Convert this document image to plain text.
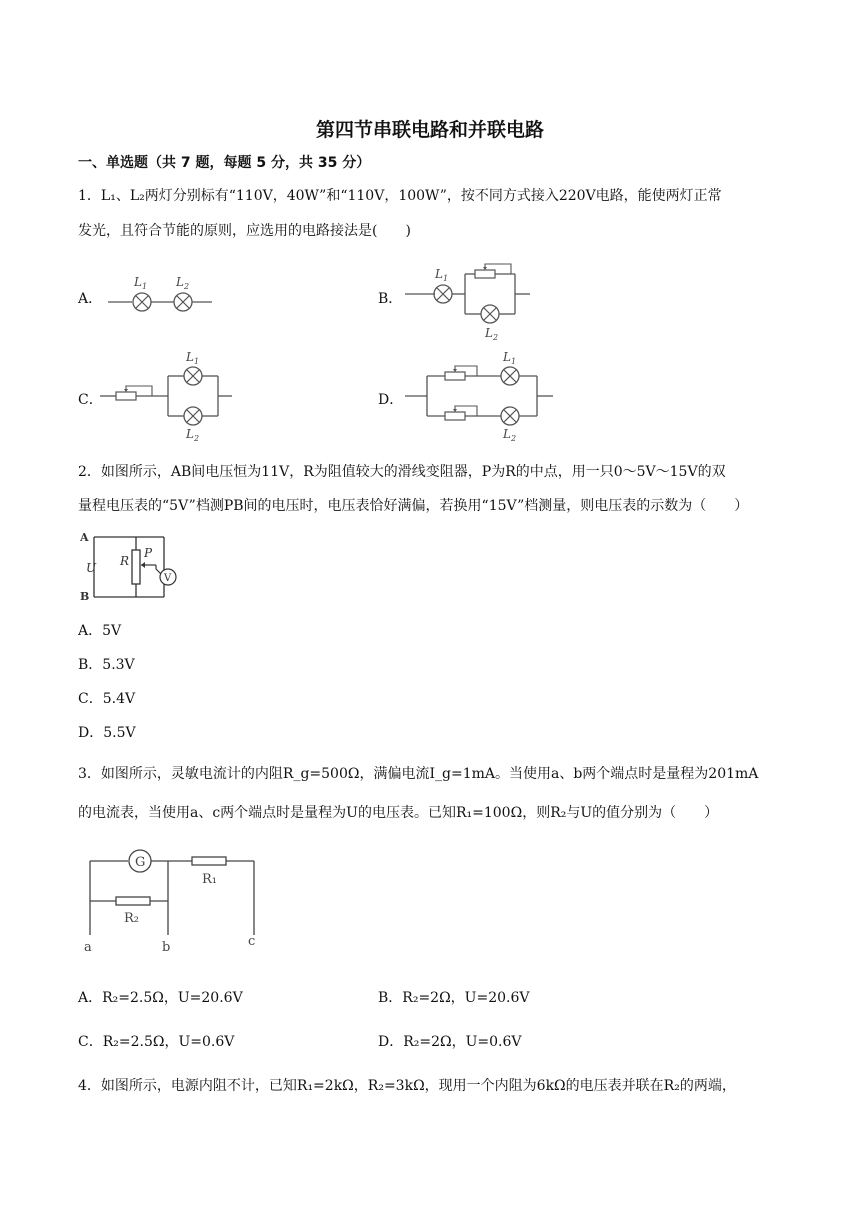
第四节串联电路和并联电路
一、单选题（共 7 题，每题 5 分，共 35 分）
1．L₁、L₂两灯分别标有“110V，40W”和“110V，100W”，按不同方式接入220V电路，能使两灯正常
发光，且符合节能的原则，应选用的电路接法是(　　)
A．
$L_1$ $L_2$
B．
$L_1$
$L_2$
C．
$L_1$
$L_2$
D．
$L_1$
$L_2$
2．如图所示，AB间电压恒为11V，R为阻值较大的滑线变阻器，P为R的中点，用一只0～5V～15V的双
量程电压表的“5V”档测PB间的电压时，电压表恰好满偏，若换用“15V”档测量，则电压表的示数为（　　）
V
A
B
U R
P
A．5V
B．5.3V
C．5.4V
D．5.5V
3．如图所示，灵敏电流计的内阻R_g=500Ω，满偏电流I_g=1mA。当使用a、b两个端点时是量程为201mA
的电流表，当使用a、c两个端点时是量程为U的电压表。已知R₁=100Ω，则R₂与U的值分别为（　　）
G
R₁
R₂
a	b	c
A．R₂=2.5Ω，U=20.6V	B．R₂=2Ω，U=20.6V
C．R₂=2.5Ω，U=0.6V	D．R₂=2Ω，U=0.6V
4．如图所示，电源内阻不计，已知R₁=2kΩ，R₂=3kΩ，现用一个内阻为6kΩ的电压表并联在R₂的两端，
